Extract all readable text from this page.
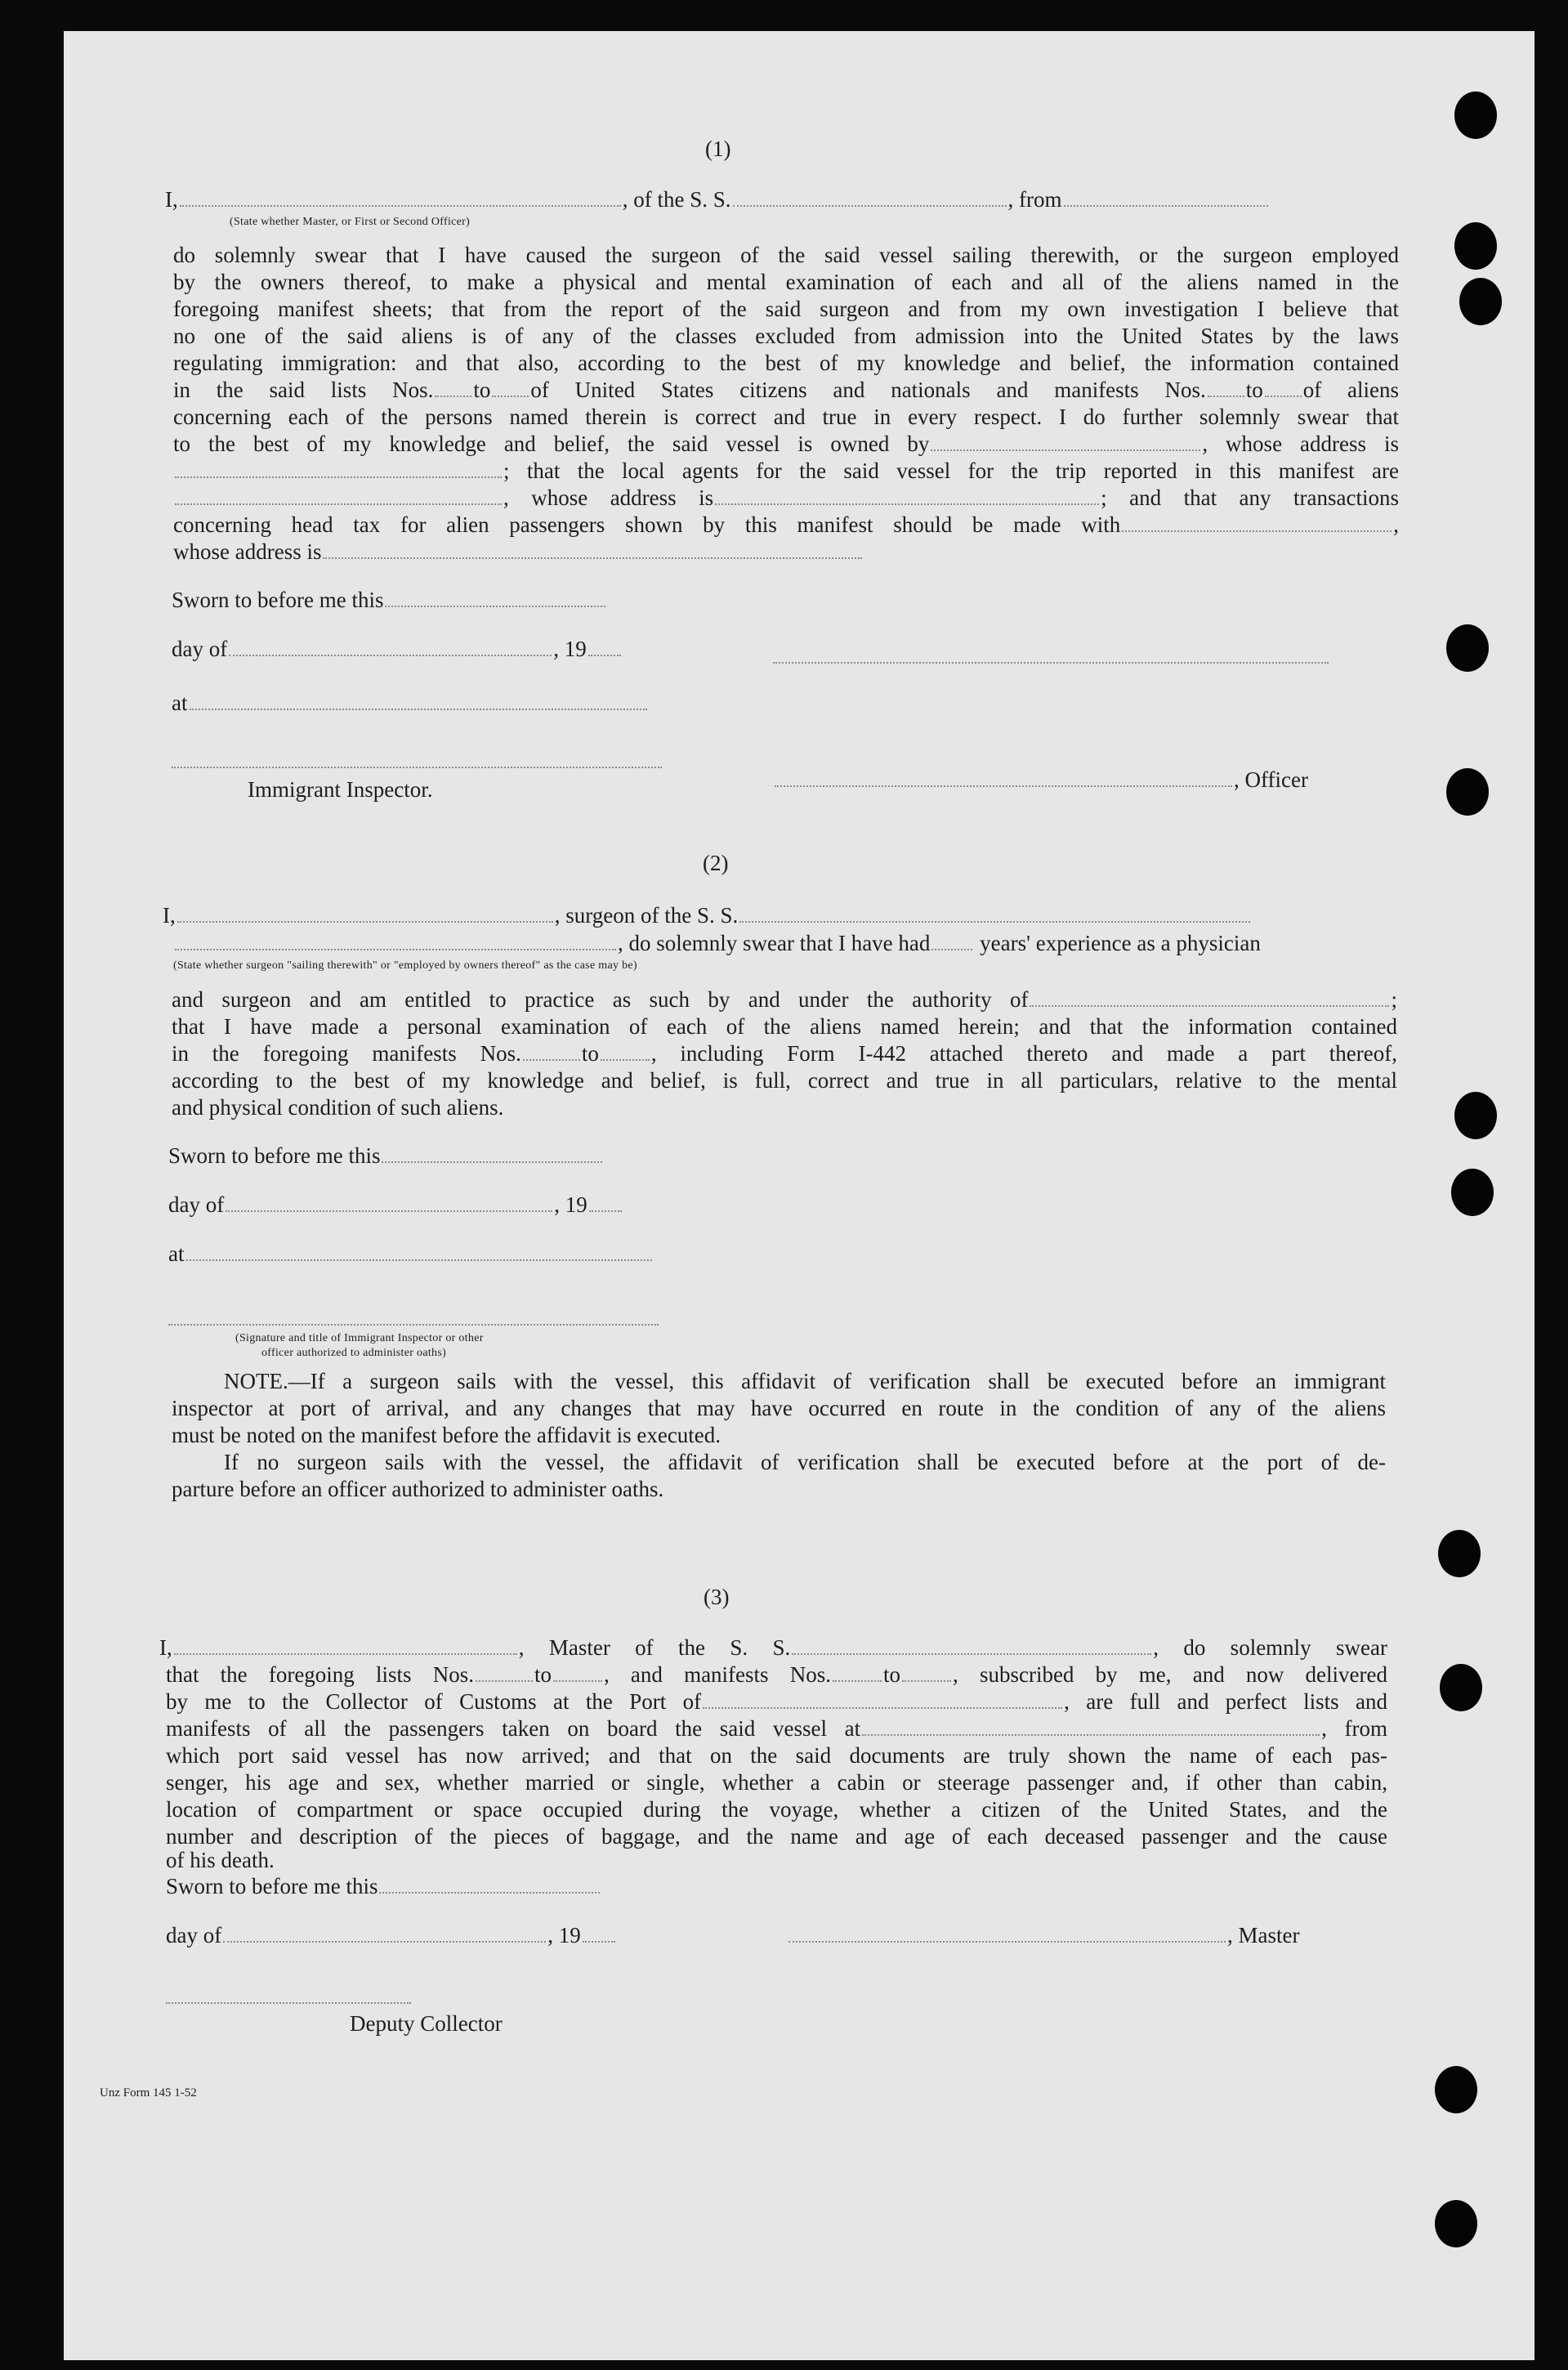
(1)
I,	, of the S. S.	, from
(State whether Master, or First or Second Officer)
do solemnly swear that I have caused the surgeon of the said vessel sailing therewith, or the surgeon employed
by the owners thereof, to make a physical and mental examination of each and all of the aliens named in the
foregoing manifest sheets; that from the report of the said surgeon and from my own investigation I believe that
no one of the said aliens is of any of the classes excluded from admission into the United States by the laws
regulating immigration: and that also, according to the best of my knowledge and belief, the information contained
in the said lists Nos. to of United States citizens and nationals and manifests Nos. to of aliens
concerning each of the persons named therein is correct and true in every respect. I do further solemnly swear that
to the best of my knowledge and belief, the said vessel is owned by	, whose address is
; that the local agents for the said vessel for the trip reported in this manifest are
, whose address is	; and that any transactions
concerning head tax for alien passengers shown by this manifest should be made with	,
whose address is
Sworn to before me this
day of	, 19
at
Immigrant Inspector.	, Officer
(2)
I,	, surgeon of the S. S.
, do solemnly swear that I have had years' experience as a physician
(State whether surgeon "sailing therewith" or "employed by owners thereof" as the case may be)
and surgeon and am entitled to practice as such by and under the authority of	;
that I have made a personal examination of each of the aliens named herein; and that the information contained
in the foregoing manifests Nos.	to , including Form I-442 attached thereto and made a part thereof,
according to the best of my knowledge and belief, is full, correct and true in all particulars, relative to the mental
and physical condition of such aliens.
Sworn to before me this
day of	, 19
at
(Signature and title of Immigrant Inspector or other
officer authorized to administer oaths)
NOTE.—If a surgeon sails with the vessel, this affidavit of verification shall be executed before an immigrant
inspector at port of arrival, and any changes that may have occurred en route in the condition of any of the aliens
must be noted on the manifest before the affidavit is executed.
If no surgeon sails with the vessel, the affidavit of verification shall be executed before at the port of de-
parture before an officer authorized to administer oaths.
(3)
I,	, Master of the S. S.	, do solemnly swear
that the foregoing lists Nos.	to , and manifests Nos. to , subscribed by me, and now delivered
by me to the Collector of Customs at the Port of	, are full and perfect lists and
manifests of all the passengers taken on board the said vessel at	, from
which port said vessel has now arrived; and that on the said documents are truly shown the name of each pas-
senger, his age and sex, whether married or single, whether a cabin or steerage passenger and, if other than cabin,
location of compartment or space occupied during the voyage, whether a citizen of the United States, and the
number and description of the pieces of baggage, and the name and age of each deceased passenger and the cause
of his death.
Sworn to before me this
day of	, 19	, Master
Deputy Collector
Unz Form 145 1-52
